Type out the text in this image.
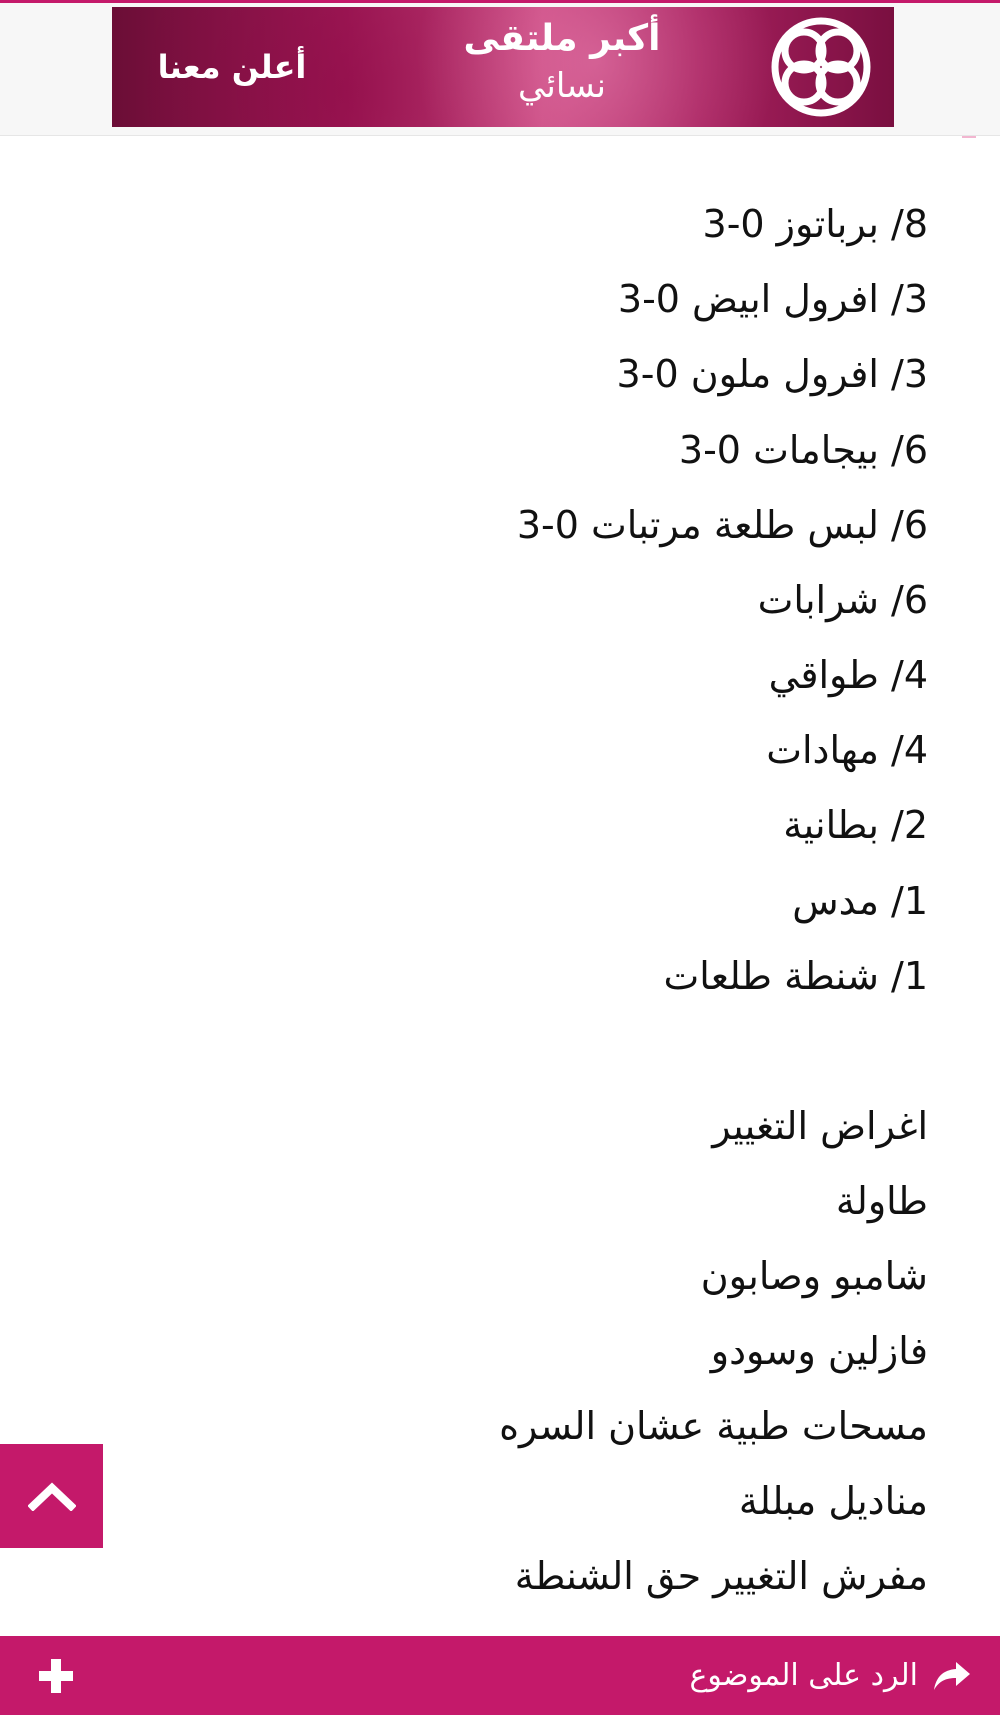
أعلن معنا
أكبر ملتقى
نسائي
8/ برباتوز 0-3
3/ افرول ابيض 0-3
3/ افرول ملون 0-3
6/ بيجامات 0-3
6/ لبس طلعة مرتبات 0-3
6/ شرابات
4/ طواقي
4/ مهادات
2/ بطانية
1/ مدس
1/ شنطة طلعات
اغراض التغيير
طاولة
شامبو وصابون
فازلين وسودو
مسحات طبية عشان السره
مناديل مبللة
مفرش التغيير حق الشنطة
الرد على الموضوع
